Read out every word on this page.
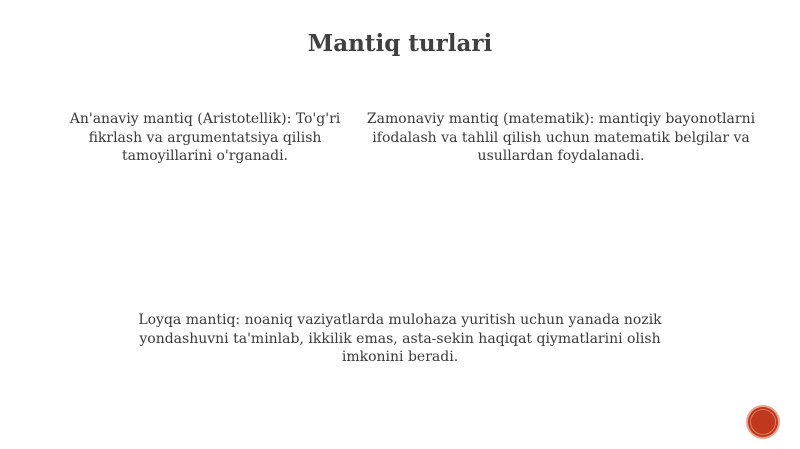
Mantiq turlari
An'anaviy mantiq (Aristotellik): To'g'ri
fikrlash va argumentatsiya qilish
tamoyillarini o'rganadi.
Zamonaviy mantiq (matematik): mantiqiy bayonotlarni
ifodalash va tahlil qilish uchun matematik belgilar va
usullardan foydalanadi.
Loyqa mantiq: noaniq vaziyatlarda mulohaza yuritish uchun yanada nozik
yondashuvni ta'minlab, ikkilik emas, asta-sekin haqiqat qiymatlarini olish
imkonini beradi.
